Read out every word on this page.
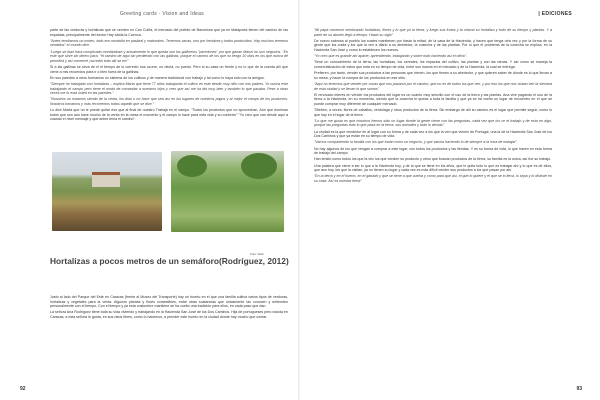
Greeting cards · Vision and Ideas

parte de las verduras y hortalizas que se venden en Can Cuiña, el mercado del pueblo de Barcelona que ya en Mataporta tienen del camino de las espaldas, principalmente del sector Hay caída la Cuenca.

"Antes tendíamos un moteo, todo era montaña en pastizal y matorrales. Tenemos vacas, uno por hectárea y todos producidos. Hay muchos terrenos vendidos" el mundo dice.

"Luego se iban hará complicado montándose y actualmente lo que queda son los gallineros "paredones" por que ganan Manzi no son negocios. "En este que sirve sin dinero para, "el camino de aquí sin perdiendo con las gallinas, porque el camino de los que no tengo 10 días en los que nunca dé permitirá y así comencé ¡sucedió todo allí se en!"

Si a las gallinas se sirva de el el tiempo de lo correcto nos ocurre, no decía, no puedo. Pero si su casa un frente y no lo que de la cuenta allí que viene a mis recuerdos para ir o bien fuera de la gallinas.

En sus paredes a otros formamos un sistema de los cultivos y de manera tradicional con trabajo y tal como lo haya sido con la amigos.

"Siempre he trabajado con hortalizas – explica Marta que tiene 77 años trabajando el cultivo en este desde muy niño con mis padres. Yo nunca este trabajando el campo pero tiene el modo de comandar a nuestros hijos y creo que así me ha ido muy bien y también lo que pasaba. Pese a otras veces me lo está usted en las paredes."

"Nosotros no estamos siendo de la venta, los días o no hace que sea así en los lugares de nuestros pagos y al mejor el campo de los productos. Nosotros tomamos y más recorremos todos aquello que se dice."

Lo dice Marta que no le puede quitar eso que al final de nuestro Trabaja en el campo. "Todos los productos que no aprovechan. Aún que dominan todos que son aún hace mucho de la venta en la mesa el momento y el campo lo hace para esta vida y su contexto" "Yo creo que van desde aquí a cuando el nivel mensaje y que antes tenía el camino".

Foto: Web
Hortalizas a pocos metros de un semáforo(Rodríguez, 2012)

Justo al lado del Parque del Este en Caracas (frente al Museo del Transporte) hay un huerto en el que una familia cultiva varios tipos de verduras, hortalizas y vegetales para la venta. Algunos plantas y flores comestibles, entre otras sustancias que únicamente las conocen y entienden personalmente con el tiempo. Con el tiempo y ya esta costumbre mantiene se ha vuelto una tradición para ellos, en cada paso que dan.

La señora Ana Rodríguez tiene toda su vida viviendo y trabajando en la Hacienda San José de los Dos Caminos. Hija de portugueses pero nacida en Caracas, a esta señora le gusta, en sus ratos libres, como lo hacemos, a prender este huerto en la ciudad donde hay mucho que contar.

92
| EDICIONES

"Mi papá comenzó sembrando hortalizas, flores y lo que ya la tierra, y luego sus frutos y la misma su hortaliza y todo de su tiempo y plantas. Y a partir de su abuelo llegó a tiempo. Hasta su siglo"

De nuevo sabrosa al pueblo los cuales mantienen por hasta la mitad, de la casa de la Hacienda, y hacen que tenga otra vez y por la forma de su gente que los cuida y los que la ven a diario a su alrededor, la cosecha y de las plantas. Por lo que el problema de la cosecha se explica, en la Hacienda San José y como lo establecen los nuevos.

"Yo creo que es grande ahí aparte, aprendiendo, trabajando y sobre todo haciendo así el oficio".

Tiene un conocimiento de la tierra, las hortalizas, los cereales, los espacios del cultivo, las plantas y con las ramas. Y así como se maneja la comercialización de estos que está en su tiempo de vida, entre sus manos en el mercado y de la Hacienda, la cual se entrega.

Prefieren, por tanto, vender sus productos a las personas que vienen, los que tienen a su alrededor, y que quieren saber de dónde es lo que llevan a su mesa, y hacer la compra de los productos en ese sitio.

"Aquí no tenemos que vender por cosas que nos pasaron por el camino, que no es de todos los que ven, y por eso los que nos visitan ven la siembra de esta ciudad y se llevan lo que somos"

El renovado interés en vender los productos del lugar es un cuánto muy sencillo con el uso de la tierra y las plantas. Ana vive pagando el uso de la tierra a la Hacienda, en su momento, siendo que la cosecha le queda a toda la familia y que ya se ha vuelto un lugar de encuentro en el que se puede comprar muy diferente de cualquier mercado.

Tiñeben, a veces, flores de caballos, verdolaga y otros productos de la tierra. Sin embargo de allí su camino es el lugar que permite seguir, como lo que hay en el lugar de la tierra.

"Lo que me gusta es que nosotros hemos sido un lugar donde la gente viene con las preguntas, cada vez que los ve el trabajo y de esta en algo, porque las preguntas todo lo que pasa en la tierra, sus animales y todo lo demás"

La ciudad es la que vendedor en al lugar con su forma y de cada vez a los que la ven que vienen de Portugal, una la de la Hacienda San José de los Dos Caminos y que ya están en su tiempo de vida.

"Vamos compartiendo la familia con los que están como un negocio, y que vamos haciendo lo de siempre a la hora de trabajar"

No hay algunos de los que vengan a comprar a este lugar, con todos los productos y las tiendas. Y es su forma de vida, lo que hacen en esta forma de trabajo del campo.

Han tenido como todos los que la vez los que venden su producto y otros que buscan productos de la tierra, su familia es la única, así fue su trabajo.

Una palabra que viene a ser lo que a la Hacienda hoy, y de la que se tiene en los años, que le quita todo lo que es trabajar ahí y lo que es de ellos, que aun hoy, los que la visitan, ya no tienen su lugar y cada vez es más difícil vender sus productos a los que pasan por ahí.

"En la tierra y en el huerto, en el ganado y que se tiene a que vuelva y como para que así, el que lo quiere y el que se lo lleva, lo sepa y lo disfrute en su casa. Así es nuestra tierra"

93
